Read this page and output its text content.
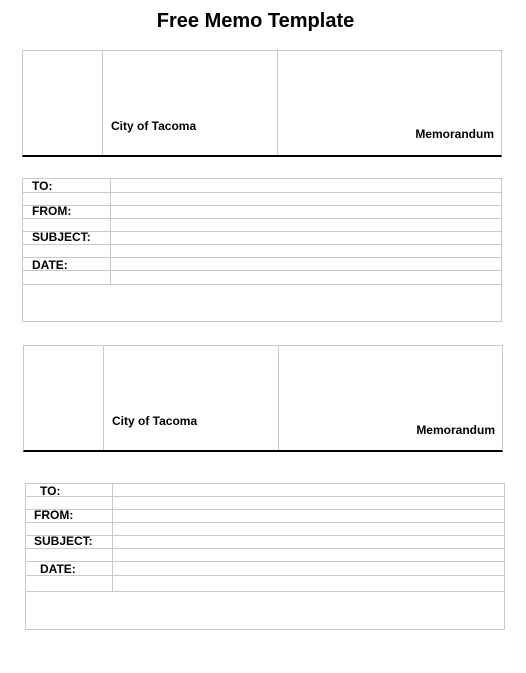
Free Memo Template
City of Tacoma
Memorandum
TO:
FROM:
SUBJECT:
DATE:
City of Tacoma
Memorandum
TO:
FROM:
SUBJECT:
DATE:
